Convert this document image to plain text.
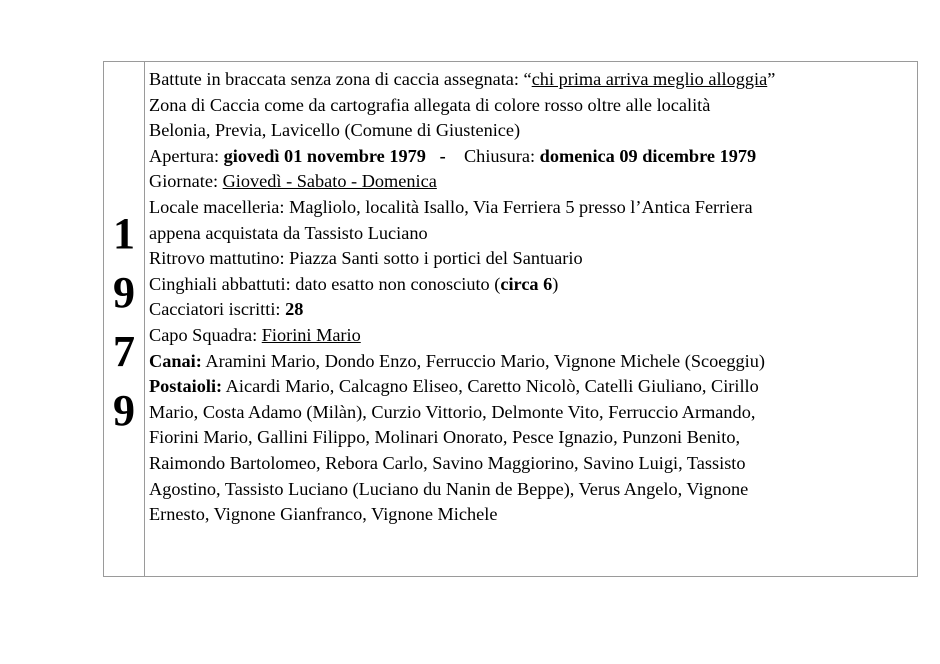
1
9
7
9

Battute in braccata senza zona di caccia assegnata: “chi prima arriva meglio alloggia”
Zona di Caccia come da cartografia allegata di colore rosso oltre alle località
Belonia, Previa, Lavicello (Comune di Giustenice)
Apertura: giovedì 01 novembre 1979   -    Chiusura: domenica 09 dicembre 1979
Giornate: Giovedì - Sabato - Domenica
Locale macelleria: Magliolo, località Isallo, Via Ferriera 5 presso l’Antica Ferriera
appena acquistata da Tassisto Luciano
Ritrovo mattutino: Piazza Santi sotto i portici del Santuario
Cinghiali abbattuti: dato esatto non conosciuto (circa 6)
Cacciatori iscritti: 28
Capo Squadra: Fiorini Mario
Canai: Aramini Mario, Dondo Enzo, Ferruccio Mario, Vignone Michele (Scoeggiu)
Postaioli: Aicardi Mario, Calcagno Eliseo, Caretto Nicolò, Catelli Giuliano, Cirillo
Mario, Costa Adamo (Milàn), Curzio Vittorio, Delmonte Vito, Ferruccio Armando,
Fiorini Mario, Gallini Filippo, Molinari Onorato, Pesce Ignazio, Punzoni Benito,
Raimondo Bartolomeo, Rebora Carlo, Savino Maggiorino, Savino Luigi, Tassisto
Agostino, Tassisto Luciano (Luciano du Nanin de Beppe), Verus Angelo, Vignone
Ernesto, Vignone Gianfranco, Vignone Michele
